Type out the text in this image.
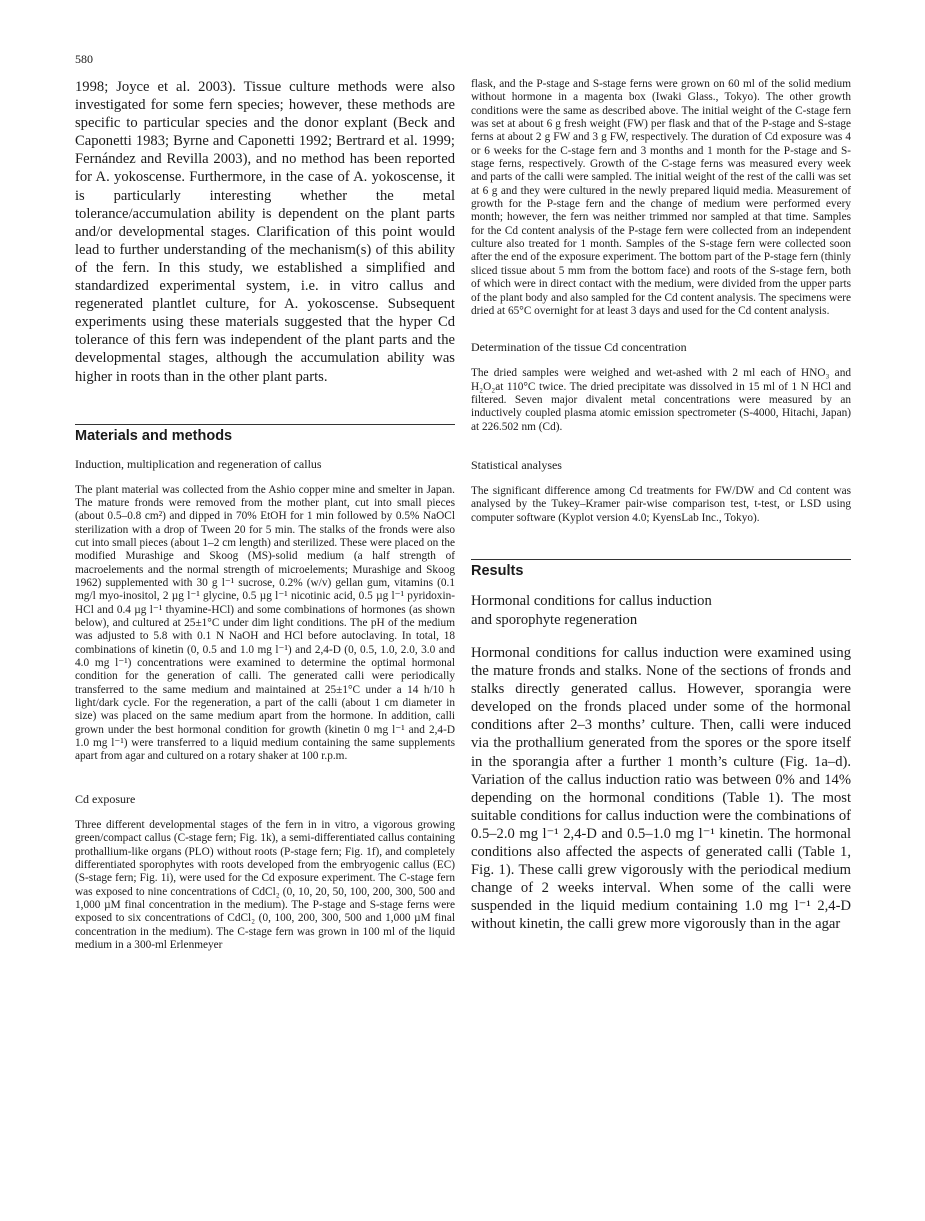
580

1998; Joyce et al. 2003). Tissue culture methods were also investigated for some fern species; however, these methods are specific to particular species and the donor explant (Beck and Caponetti 1983; Byrne and Caponetti 1992; Bertrard et al. 1999; Fernández and Revilla 2003), and no method has been reported for A. yokoscense. Furthermore, in the case of A. yokoscense, it is particularly interesting whether the metal tolerance/accumulation ability is dependent on the plant parts and/or developmental stages. Clarification of this point would lead to further understanding of the mechanism(s) of this ability of the fern. In this study, we established a simplified and standardized experimental system, i.e. in vitro callus and regenerated plantlet culture, for A. yokoscense. Subsequent experiments using these materials suggested that the hyper Cd tolerance of this fern was independent of the plant parts and the developmental stages, although the accumulation ability was higher in roots than in the other plant parts.

Materials and methods
Induction, multiplication and regeneration of callus

The plant material was collected from the Ashio copper mine and smelter in Japan. The mature fronds were removed from the mother plant, cut into small pieces (about 0.5–0.8 cm²) and dipped in 70% EtOH for 1 min followed by 0.5% NaOCl sterilization with a drop of Tween 20 for 5 min. The stalks of the fronds were also cut into small pieces (about 1–2 cm length) and sterilized. These were placed on the modified Murashige and Skoog (MS)-solid medium (a half strength of macroelements and the normal strength of microelements; Murashige and Skoog 1962) supplemented with 30 g l⁻¹ sucrose, 0.2% (w/v) gellan gum, vitamins (0.1 mg/l myo-inositol, 2 µg l⁻¹ glycine, 0.5 µg l⁻¹ nicotinic acid, 0.5 µg l⁻¹ pyridoxin-HCl and 0.4 µg l⁻¹ thyamine-HCl) and some combinations of hormones (as shown below), and cultured at 25±1°C under dim light conditions. The pH of the medium was adjusted to 5.8 with 0.1 N NaOH and HCl before autoclaving. In total, 18 combinations of kinetin (0, 0.5 and 1.0 mg l⁻¹) and 2,4-D (0, 0.5, 1.0, 2.0, 3.0 and 4.0 mg l⁻¹) concentrations were examined to determine the optimal hormonal condition for the generation of calli. The generated calli were periodically transferred to the same medium and maintained at 25±1°C under a 14 h/10 h light/dark cycle. For the regeneration, a part of the calli (about 1 cm diameter in size) was placed on the same medium apart from the hormone. In addition, calli grown under the best hormonal condition for growth (kinetin 0 mg l⁻¹ and 2,4-D 1.0 mg l⁻¹) were transferred to a liquid medium containing the same supplements apart from agar and cultured on a rotary shaker at 100 r.p.m.

Cd exposure

Three different developmental stages of the fern in in vitro, a vigorous growing green/compact callus (C-stage fern; Fig. 1k), a semi-differentiated callus containing prothallium-like organs (PLO) without roots (P-stage fern; Fig. 1f), and completely differentiated sporophytes with roots developed from the embryogenic callus (EC) (S-stage fern; Fig. 1i), were used for the Cd exposure experiment. The C-stage fern was exposed to nine concentrations of CdCl₂ (0, 10, 20, 50, 100, 200, 300, 500 and 1,000 µM final concentration in the medium). The P-stage and S-stage ferns were exposed to six concentrations of CdCl₂ (0, 100, 200, 300, 500 and 1,000 µM final concentration in the medium). The C-stage fern was grown in 100 ml of the liquid medium in a 300-ml Erlenmeyer

flask, and the P-stage and S-stage ferns were grown on 60 ml of the solid medium without hormone in a magenta box (Iwaki Glass., Tokyo). The other growth conditions were the same as described above. The initial weight of the C-stage fern was set at about 6 g fresh weight (FW) per flask and that of the P-stage and S-stage ferns at about 2 g FW and 3 g FW, respectively. The duration of Cd exposure was 4 or 6 weeks for the C-stage fern and 3 months and 1 month for the P-stage and S-stage ferns, respectively. Growth of the C-stage ferns was measured every week and parts of the calli were sampled. The initial weight of the rest of the calli was set at 6 g and they were cultured in the newly prepared liquid media. Measurement of growth for the P-stage fern and the change of medium were performed every month; however, the fern was neither trimmed nor sampled at that time. Samples for the Cd content analysis of the P-stage fern were collected from an independent culture also treated for 1 month. Samples of the S-stage fern were collected soon after the end of the exposure experiment. The bottom part of the P-stage fern (thinly sliced tissue about 5 mm from the bottom face) and roots of the S-stage fern, both of which were in direct contact with the medium, were divided from the upper parts of the plant body and also sampled for the Cd content analysis. The specimens were dried at 65°C overnight for at least 3 days and used for the Cd content analysis.

Determination of the tissue Cd concentration

The dried samples were weighed and wet-ashed with 2 ml each of HNO₃ and H₂O₂at 110°C twice. The dried precipitate was dissolved in 15 ml of 1 N HCl and filtered. Seven major divalent metal concentrations were measured by an inductively coupled plasma atomic emission spectrometer (S-4000, Hitachi, Japan) at 226.502 nm (Cd).

Statistical analyses

The significant difference among Cd treatments for FW/DW and Cd content was analysed by the Tukey–Kramer pair-wise comparison test, t-test, or LSD using computer software (Kyplot version 4.0; KyensLab Inc., Tokyo).

Results
Hormonal conditions for callus induction
and sporophyte regeneration

Hormonal conditions for callus induction were examined using the mature fronds and stalks. None of the sections of fronds and stalks directly generated callus. However, sporangia were developed on the fronds placed under some of the hormonal conditions after 2–3 months’ culture. Then, calli were induced via the prothallium generated from the spores or the spore itself in the sporangia after a further 1 month’s culture (Fig. 1a–d). Variation of the callus induction ratio was between 0% and 14% depending on the hormonal conditions (Table 1). The most suitable conditions for callus induction were the combinations of 0.5–2.0 mg l⁻¹ 2,4-D and 0.5–1.0 mg l⁻¹ kinetin. The hormonal conditions also affected the aspects of generated calli (Table 1, Fig. 1). These calli grew vigorously with the periodical medium change of 2 weeks interval. When some of the calli were suspended in the liquid medium containing 1.0 mg l⁻¹ 2,4-D without kinetin, the calli grew more vigorously than in the agar
